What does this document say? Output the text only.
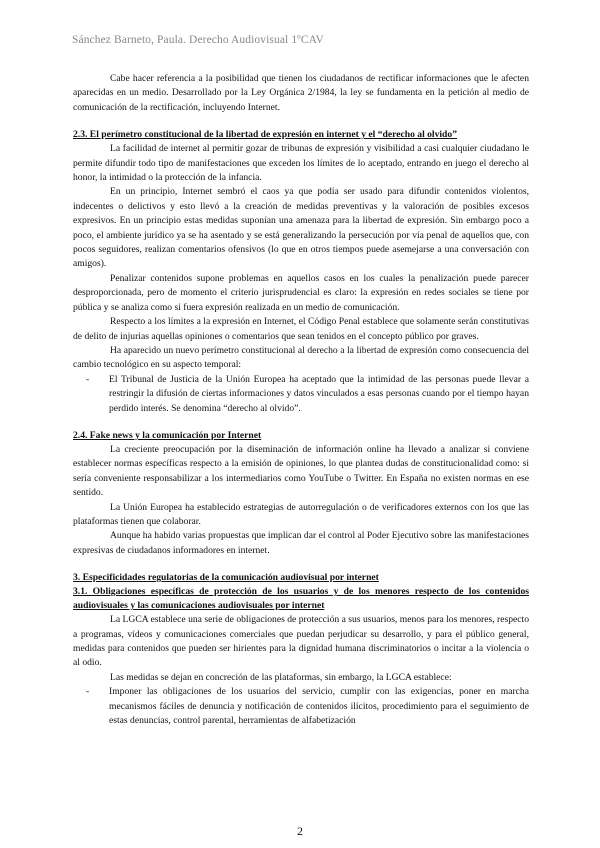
Sánchez Barneto, Paula. Derecho Audiovisual 1ºCAV

Cabe hacer referencia a la posibilidad que tienen los ciudadanos de rectificar informaciones que le afecten aparecidas en un medio. Desarrollado por la Ley Orgánica 2/1984, la ley se fundamenta en la petición al medio de comunicación de la rectificación, incluyendo Internet.

2.3. El perímetro constitucional de la libertad de expresión en internet y el “derecho al olvido”

La facilidad de internet al permitir gozar de tribunas de expresión y visibilidad a casi cualquier ciudadano le permite difundir todo tipo de manifestaciones que exceden los límites de lo aceptado, entrando en juego el derecho al honor, la intimidad o la protección de la infancia.

En un principio, Internet sembró el caos ya que podía ser usado para difundir contenidos violentos, indecentes o delictivos y esto llevó a la creación de medidas preventivas y la valoración de posibles excesos expresivos. En un principio estas medidas suponían una amenaza para la libertad de expresión. Sin embargo poco a poco, el ambiente jurídico ya se ha asentado y se está generalizando la persecución por vía penal de aquellos que, con pocos seguidores, realizan comentarios ofensivos (lo que en otros tiempos puede asemejarse a una conversación con amigos).

Penalizar contenidos supone problemas en aquellos casos en los cuales la penalización puede parecer desproporcionada, pero de momento el criterio jurisprudencial es claro: la expresión en redes sociales se tiene por pública y se analiza como si fuera expresión realizada en un medio de comunicación.

Respecto a los límites a la expresión en Internet, el Código Penal establece que solamente serán constitutivas de delito de injurias aquellas opiniones o comentarios que sean tenidos en el concepto público por graves.

Ha aparecido un nuevo perímetro constitucional al derecho a la libertad de expresión como consecuencia del cambio tecnológico en su aspecto temporal:

-	El Tribunal de Justicia de la Unión Europea ha aceptado que la intimidad de las personas puede llevar a restringir la difusión de ciertas informaciones y datos vinculados a esas personas cuando por el tiempo hayan perdido interés. Se denomina “derecho al olvido”.
2.4. Fake news y la comunicación por Internet

La creciente preocupación por la diseminación de información online ha llevado a analizar si conviene establecer normas específicas respecto a la emisión de opiniones, lo que plantea dudas de constitucionalidad como: si sería conveniente responsabilizar a los intermediarios como YouTube o Twitter. En España no existen normas en ese sentido.

La Unión Europea ha establecido estrategias de autorregulación o de verificadores externos con los que las plataformas tienen que colaborar.

Aunque ha habido varias propuestas que implican dar el control al Poder Ejecutivo sobre las manifestaciones expresivas de ciudadanos informadores en internet.

3. Especificidades regulatorias de la comunicación audiovisual por internet
3.1. Obligaciones específicas de protección de los usuarios y de los menores respecto de los contenidos audiovisuales y las comunicaciones audiovisuales por internet

La LGCA establece una serie de obligaciones de protección a sus usuarios, menos para los menores, respecto a programas, vídeos y comunicaciones comerciales que puedan perjudicar su desarrollo, y para el público general, medidas para contenidos que pueden ser hirientes para la dignidad humana discriminatorios o incitar a la violencia o al odio.

Las medidas se dejan en concreción de las plataformas, sin embargo, la LGCA establece:

-	Imponer las obligaciones de los usuarios del servicio, cumplir con las exigencias, poner en marcha mecanismos fáciles de denuncia y notificación de contenidos ilícitos, procedimiento para el seguimiento de estas denuncias, control parental, herramientas de alfabetización
2
